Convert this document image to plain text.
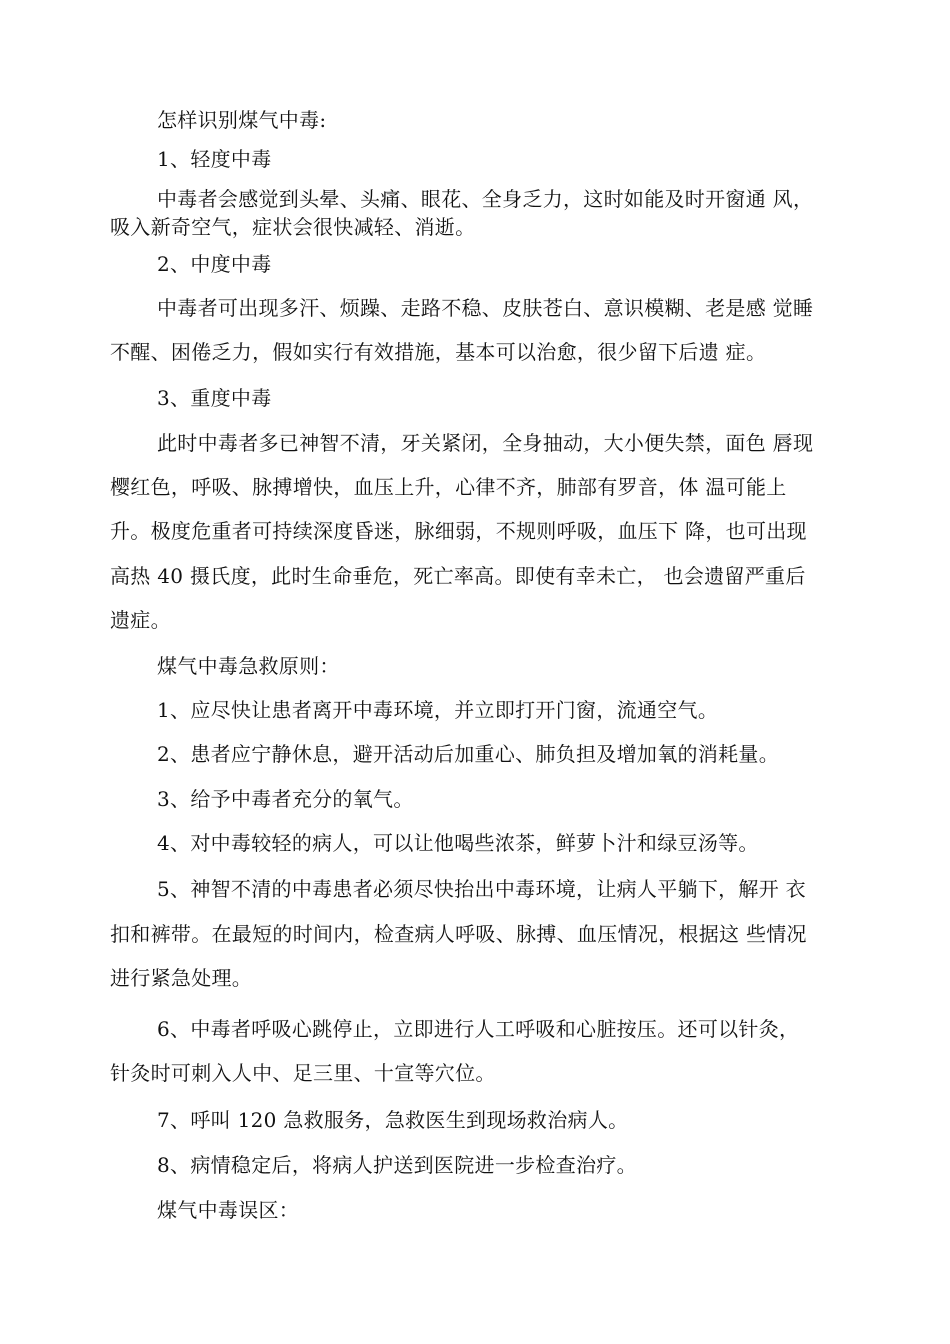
怎样识别煤气中毒:

1、轻度中毒

中毒者会感觉到头晕、头痛、眼花、全身乏力，这时如能及时开窗通 风，

吸入新奇空气，症状会很快减轻、消逝。

2、中度中毒

中毒者可出现多汗、烦躁、走路不稳、皮肤苍白、意识模糊、老是感 觉睡

不醒、困倦乏力，假如实行有效措施，基本可以治愈，很少留下后遗 症。

3、重度中毒

此时中毒者多已神智不清，牙关紧闭，全身抽动，大小便失禁，面色 唇现

樱红色，呼吸、脉搏增快，血压上升，心律不齐，肺部有罗音，体 温可能上

升。极度危重者可持续深度昏迷，脉细弱，不规则呼吸，血压下 降，也可出现

高热 40 摄氏度，此时生命垂危，死亡率高。即使有幸未亡， 也会遗留严重后

遗症。

煤气中毒急救原则：

1、应尽快让患者离开中毒环境，并立即打开门窗，流通空气。

2、患者应宁静休息，避开活动后加重心、肺负担及增加氧的消耗量。

3、给予中毒者充分的氧气。

4、对中毒较轻的病人，可以让他喝些浓茶，鲜萝卜汁和绿豆汤等。

5、神智不清的中毒患者必须尽快抬出中毒环境，让病人平躺下，解开 衣

扣和裤带。在最短的时间内，检查病人呼吸、脉搏、血压情况，根据这 些情况

进行紧急处理。

6、中毒者呼吸心跳停止，立即进行人工呼吸和心脏按压。还可以针灸，

针灸时可刺入人中、足三里、十宣等穴位。

7、呼叫 120 急救服务，急救医生到现场救治病人。

8、病情稳定后，将病人护送到医院进一步检查治疗。

煤气中毒误区：
